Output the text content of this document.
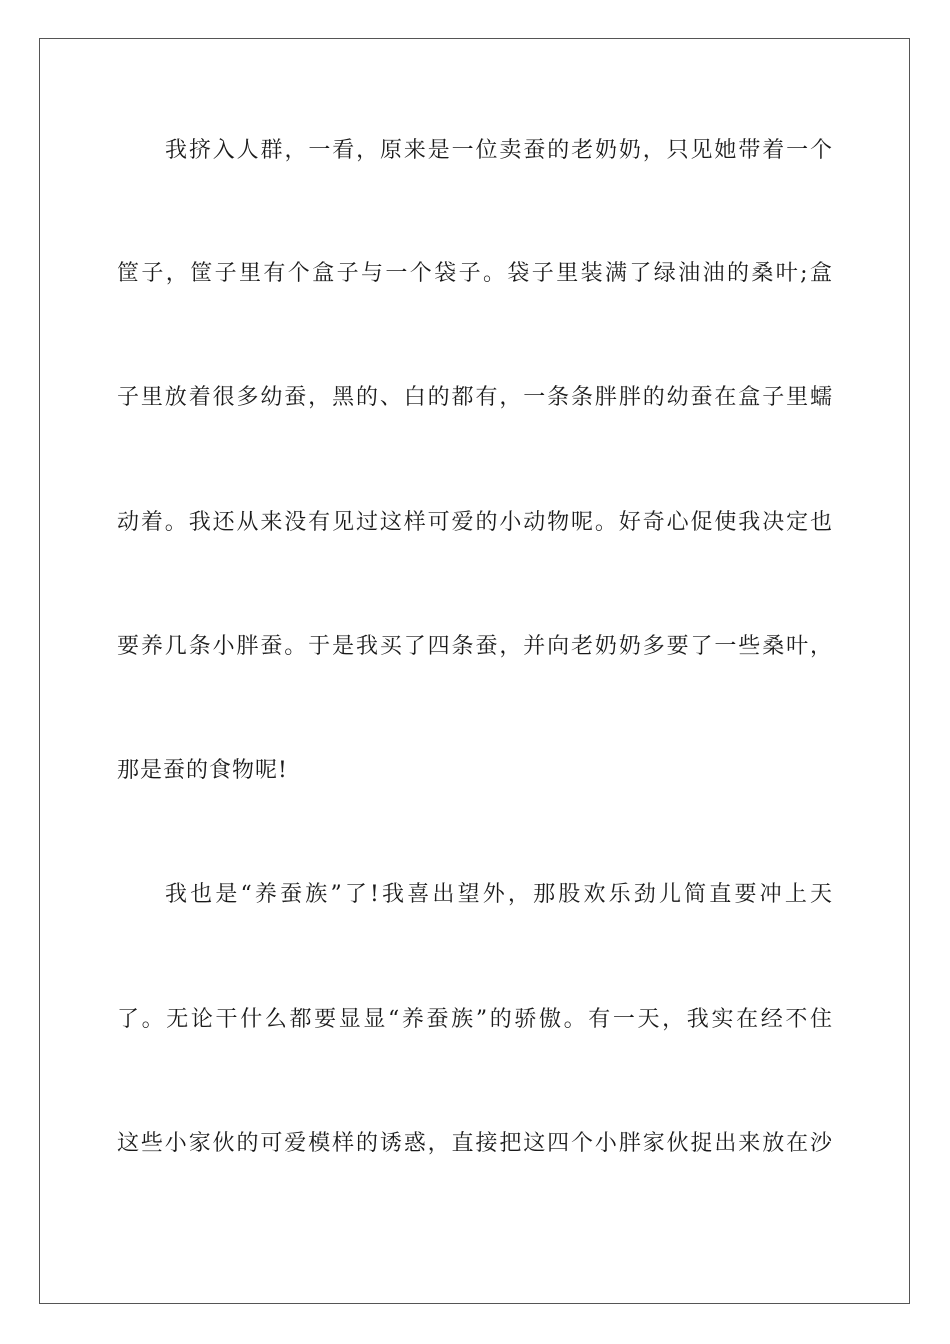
我挤入人群，一看，原来是一位卖蚕的老奶奶，只见她带着一个

筐子，筐子里有个盒子与一个袋子。袋子里装满了绿油油的桑叶;盒

子里放着很多幼蚕，黑的、白的都有，一条条胖胖的幼蚕在盒子里蠕

动着。我还从来没有见过这样可爱的小动物呢。好奇心促使我决定也

要养几条小胖蚕。于是我买了四条蚕，并向老奶奶多要了一些桑叶，

那是蚕的食物呢!

我也是“养蚕族”了!我喜出望外，那股欢乐劲儿简直要冲上天

了。无论干什么都要显显“养蚕族”的骄傲。有一天，我实在经不住

这些小家伙的可爱模样的诱惑，直接把这四个小胖家伙捉出来放在沙
